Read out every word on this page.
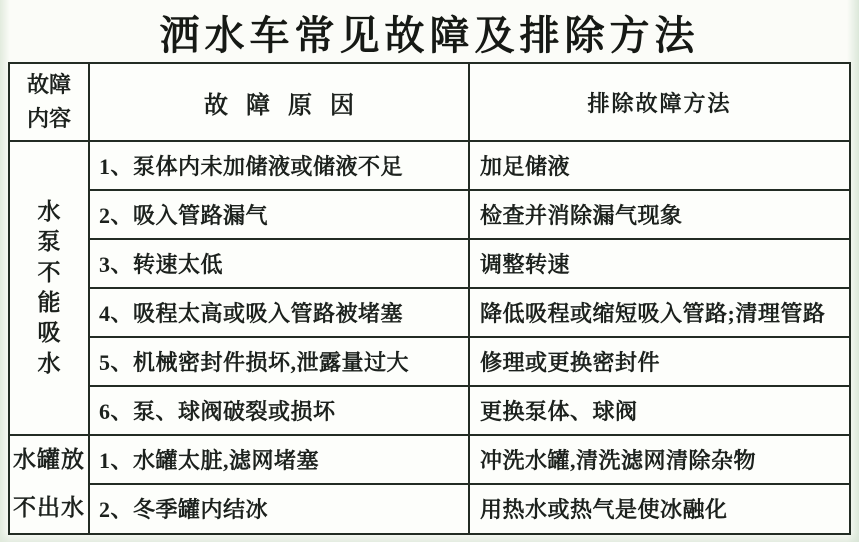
洒水车常见故障及排除方法
故障内容	故障原因	排除故障方法
水泵不能吸水	1、泵体内未加储液或储液不足	加足储液
	2、吸入管路漏气	检查并消除漏气现象
	3、转速太低	调整转速
	4、吸程太高或吸入管路被堵塞	降低吸程或缩短吸入管路;清理管路
	5、机械密封件损坏,泄露量过大	修理或更换密封件
	6、泵、球阀破裂或损坏	更换泵体、球阀
水罐放不出水	1、水罐太脏,滤网堵塞	冲洗水罐,清洗滤网清除杂物
	2、冬季罐内结冰	用热水或热气是使冰融化
